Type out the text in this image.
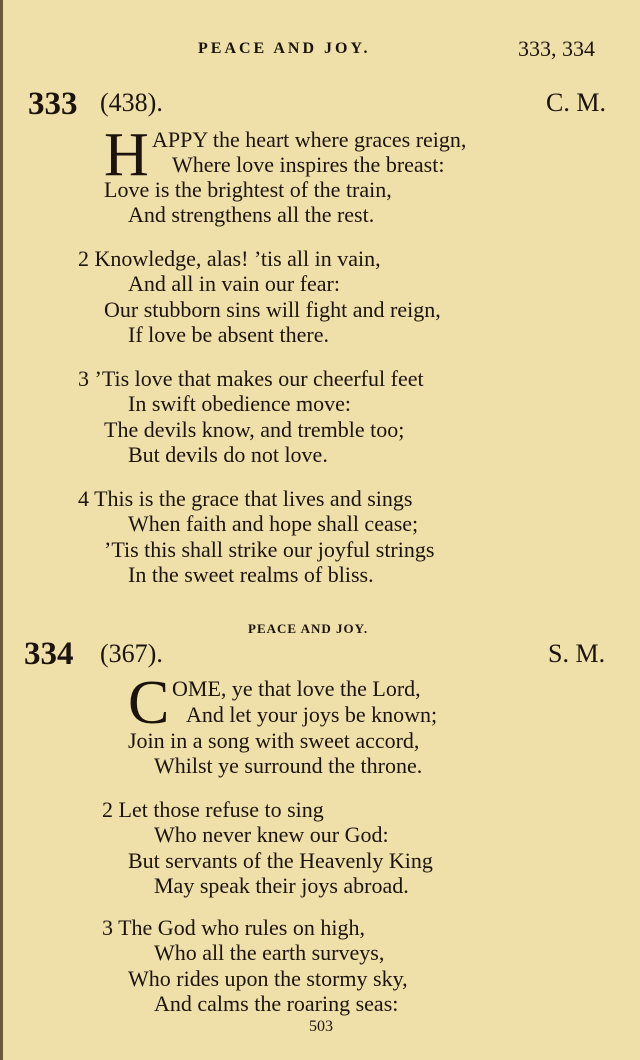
PEACE AND JOY.	333, 334
333 (438).	C. M.
H APPY the heart where graces reign,
Where love inspires the breast:
Love is the brightest of the train,
And strengthens all the rest.
2 Knowledge, alas! ’tis all in vain,
And all in vain our fear:
Our stubborn sins will fight and reign,
If love be absent there.
3 ’Tis love that makes our cheerful feet
In swift obedience move:
The devils know, and tremble too;
But devils do not love.
4 This is the grace that lives and sings
When faith and hope shall cease;
’Tis this shall strike our joyful strings
In the sweet realms of bliss.
PEACE AND JOY.
334 (367).	S. M.
C OME, ye that love the Lord,
And let your joys be known;
Join in a song with sweet accord,
Whilst ye surround the throne.
2 Let those refuse to sing
Who never knew our God:
But servants of the Heavenly King
May speak their joys abroad.
3 The God who rules on high,
Who all the earth surveys,
Who rides upon the stormy sky,
And calms the roaring seas:
503
